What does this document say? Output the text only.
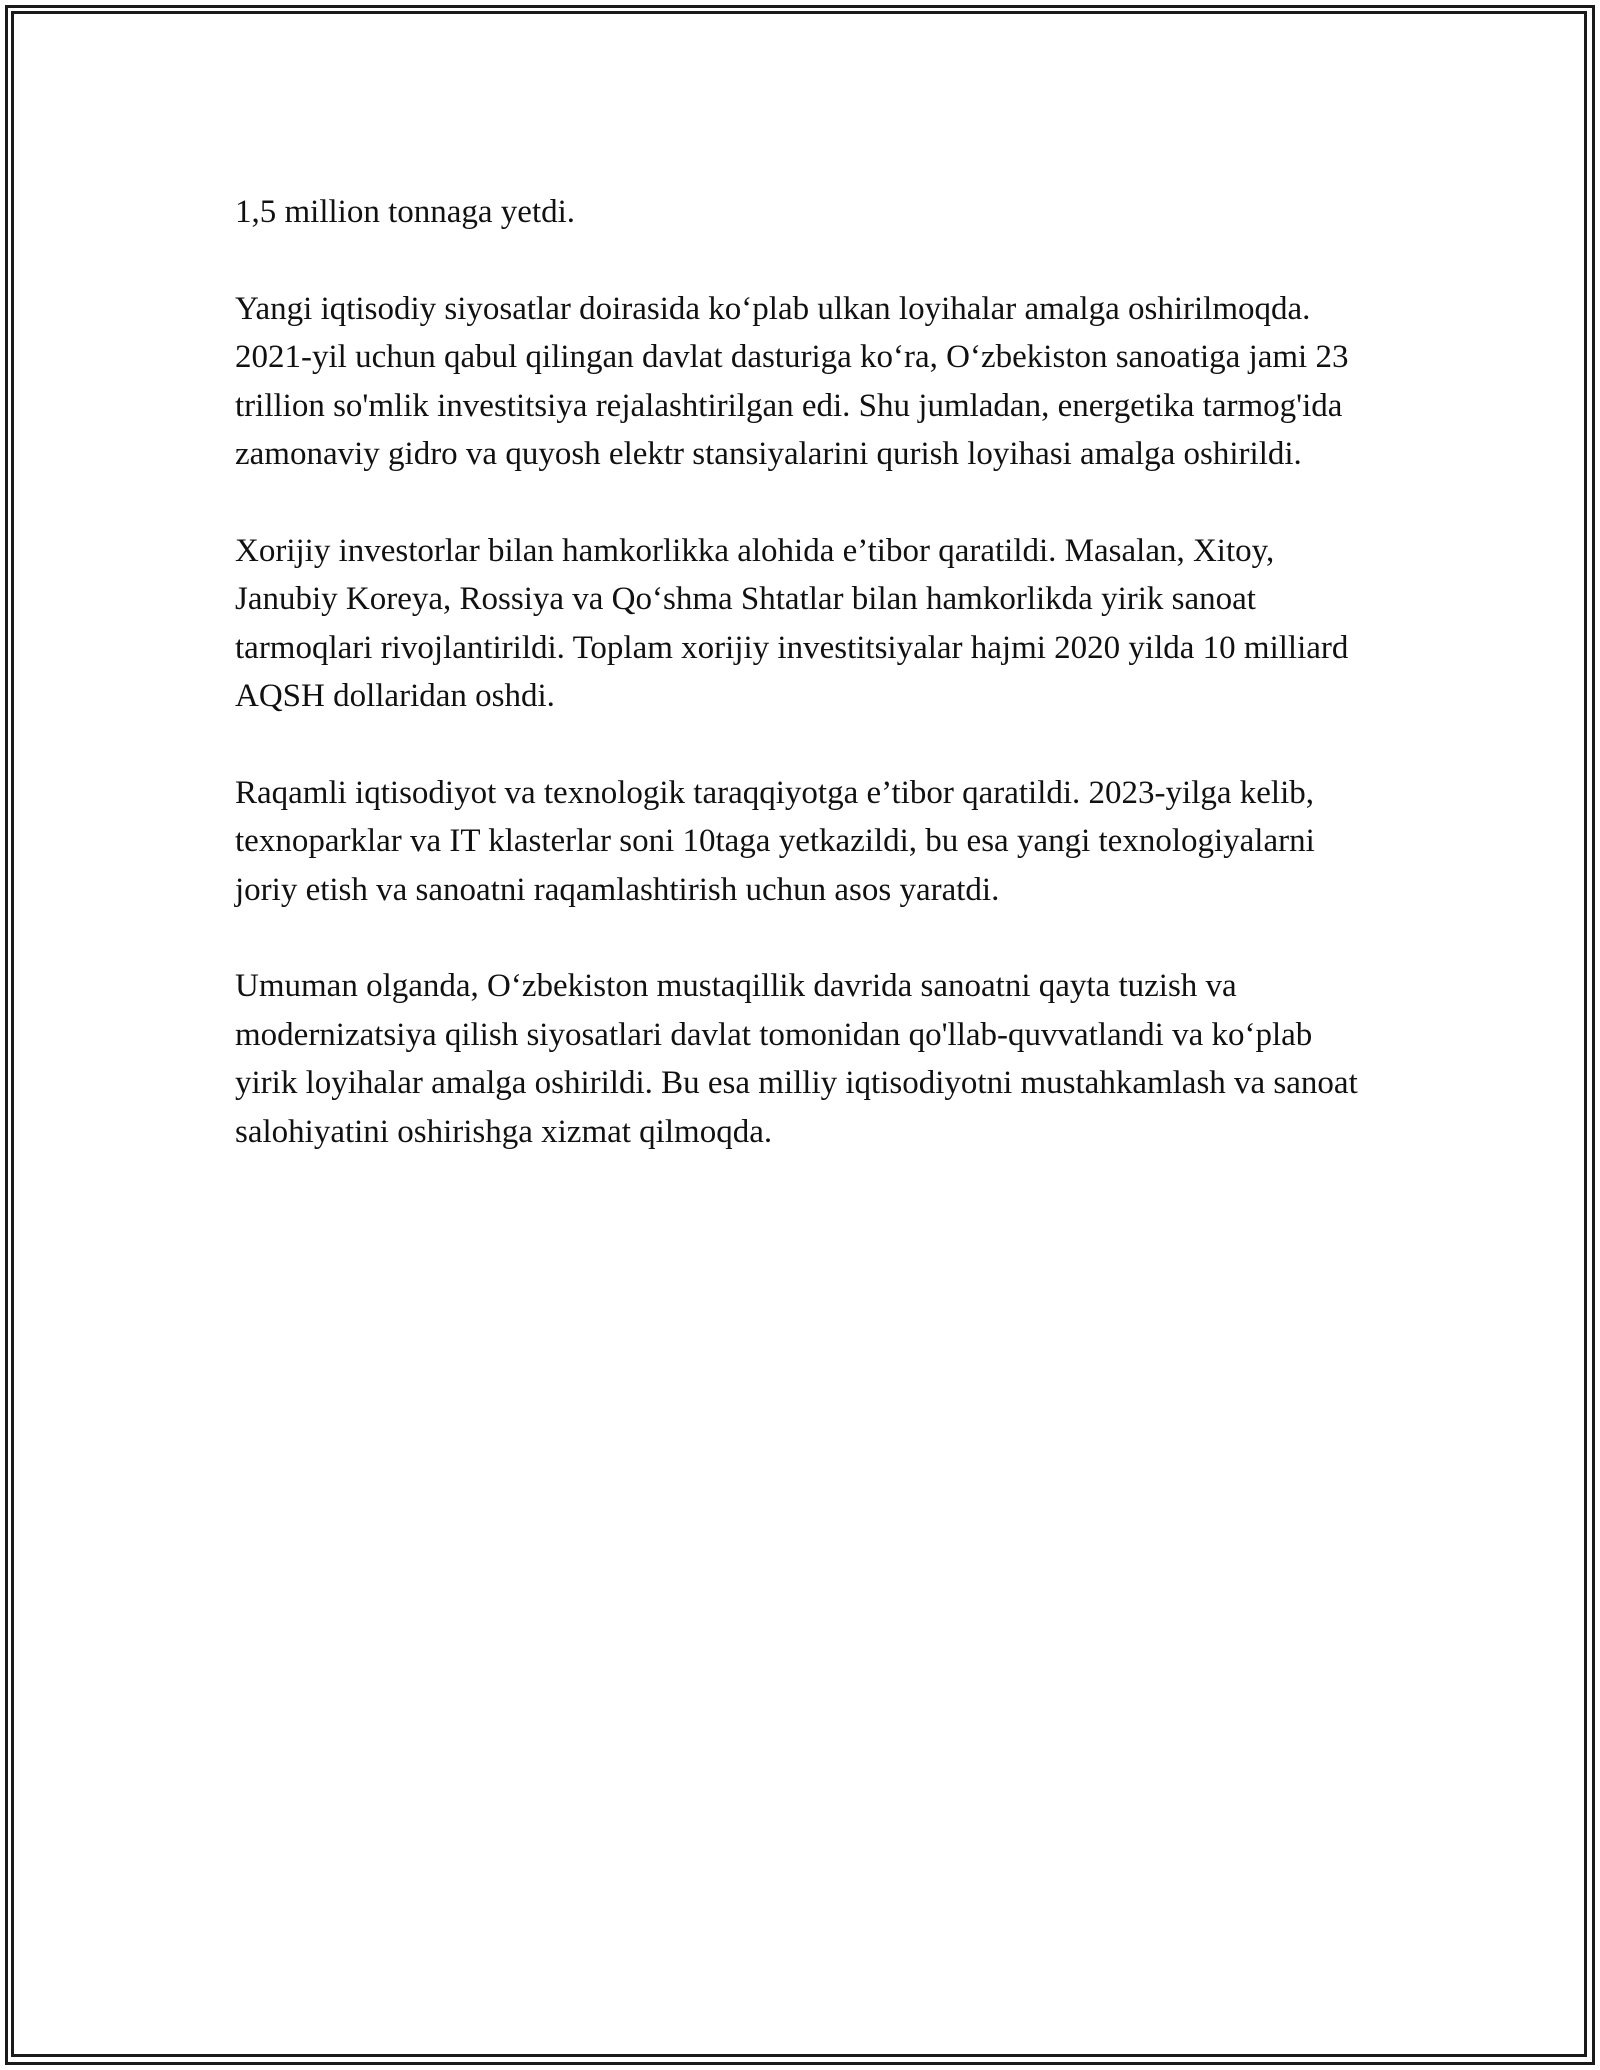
1,5 million tonnaga yetdi.

Yangi iqtisodiy siyosatlar doirasida koʻplab ulkan loyihalar amalga oshirilmoqda. 2021-yil uchun qabul qilingan davlat dasturiga koʻra, Oʻzbekiston sanoatiga jami 23 trillion so'mlik investitsiya rejalashtirilgan edi. Shu jumladan, energetika tarmog'ida zamonaviy gidro va quyosh elektr stansiyalarini qurish loyihasi amalga oshirildi.

Xorijiy investorlar bilan hamkorlikka alohida e’tibor qaratildi. Masalan, Xitoy, Janubiy Koreya, Rossiya va Qoʻshma Shtatlar bilan hamkorlikda yirik sanoat tarmoqlari rivojlantirildi. Toplam xorijiy investitsiyalar hajmi 2020 yilda 10 milliard AQSH dollaridan oshdi.

Raqamli iqtisodiyot va texnologik taraqqiyotga e’tibor qaratildi. 2023-yilga kelib, texnoparklar va IT klasterlar soni 10taga yetkazildi, bu esa yangi texnologiyalarni joriy etish va sanoatni raqamlashtirish uchun asos yaratdi.

Umuman olganda, Oʻzbekiston mustaqillik davrida sanoatni qayta tuzish va modernizatsiya qilish siyosatlari davlat tomonidan qo'llab-quvvatlandi va koʻplab yirik loyihalar amalga oshirildi. Bu esa milliy iqtisodiyotni mustahkamlash va sanoat salohiyatini oshirishga xizmat qilmoqda.
